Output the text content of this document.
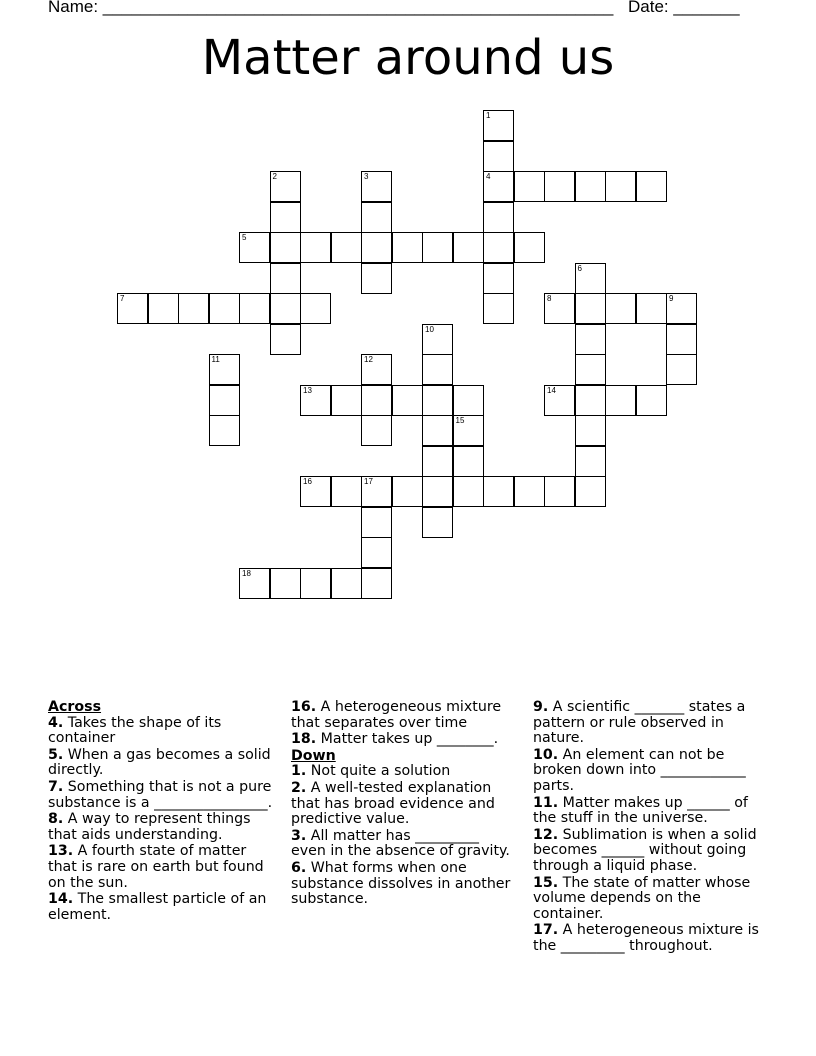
Name: ______________________________________________________ Date: _______
Matter around us
1
4
2	3
5
6
7	8	9
10
11	12
13	14
15
16	17
18
Across
4. Takes the shape of its container
5. When a gas becomes a solid directly.
7. Something that is not a pure substance is a ________________.
8. A way to represent things that aids understanding.
13. A fourth state of matter that is rare on earth but found on the sun.
14. The smallest particle of an element.
16. A heterogeneous mixture that separates over time
18. Matter takes up ________.
Down
1. Not quite a solution
2. A well-tested explanation that has broad evidence and predictive value.
3. All matter has _________ even in the absence of gravity.
6. What forms when one substance dissolves in another substance.
9. A scientific _______ states a pattern or rule observed in nature.
10. An element can not be broken down into ____________ parts.
11. Matter makes up ______ of the stuff in the universe.
12. Sublimation is when a solid becomes ______ without going through a liquid phase.
15. The state of matter whose volume depends on the container.
17. A heterogeneous mixture is the _________ throughout.
